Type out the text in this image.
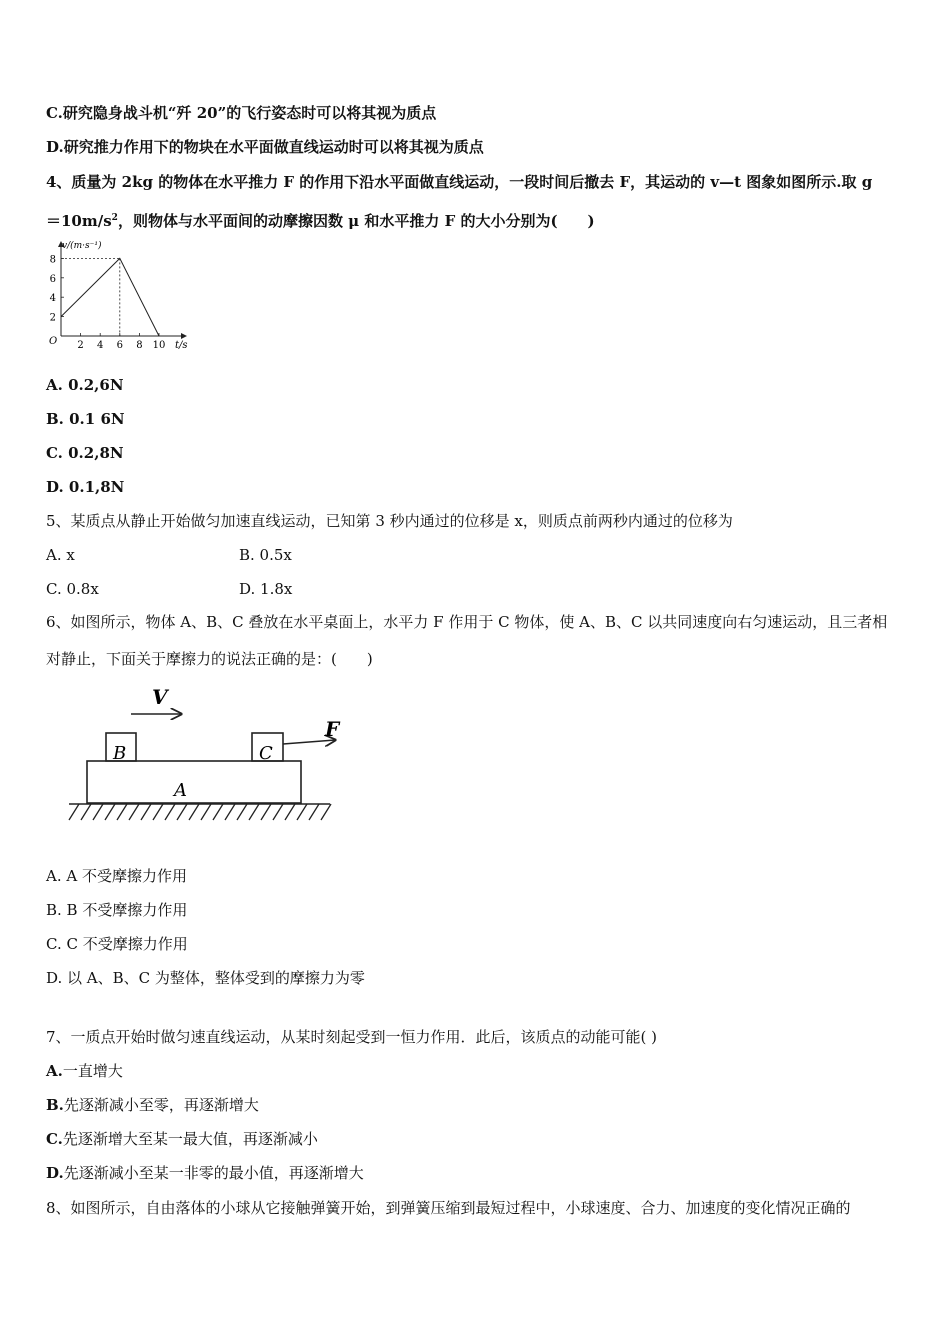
C.研究隐身战斗机“歼 20”的飞行姿态时可以将其视为质点
D.研究推力作用下的物块在水平面做直线运动时可以将其视为质点
4、质量为 2kg 的物体在水平推力 F 的作用下沿水平面做直线运动，一段时间后撤去 F，其运动的 v—t 图象如图所示.取 g
$=10m/s^2$，则物体与水平面间的动摩擦因数 μ 和水平推力 F 的大小分别为(　　)
v/(m·s⁻¹)
t/s
O 2 4 6 8 10
2
4
6
8
A. 0.2,6N
B. 0.1 6N
C. 0.2,8N
D. 0.1,8N
5、某质点从静止开始做匀加速直线运动，已知第 3 秒内通过的位移是 x，则质点前两秒内通过的位移为
A. x	B. 0.5x
C. 0.8x	D. 1.8x
6、如图所示，物体 A、B、C 叠放在水平桌面上，水平力 F 作用于 C 物体，使 A、B、C 以共同速度向右匀速运动，且三者相
对静止，下面关于摩擦力的说法正确的是：(　　)
V
B	C
F
A
A. A 不受摩擦力作用
B. B 不受摩擦力作用
C. C 不受摩擦力作用
D. 以 A、B、C 为整体，整体受到的摩擦力为零
7、一质点开始时做匀速直线运动，从某时刻起受到一恒力作用．此后，该质点的动能可能( )
A.一直增大
B.先逐渐减小至零，再逐渐增大
C.先逐渐增大至某一最大值，再逐渐减小
D.先逐渐减小至某一非零的最小值，再逐渐增大
8、如图所示，自由落体的小球从它接触弹簧开始，到弹簧压缩到最短过程中，小球速度、合力、加速度的变化情况正确的
